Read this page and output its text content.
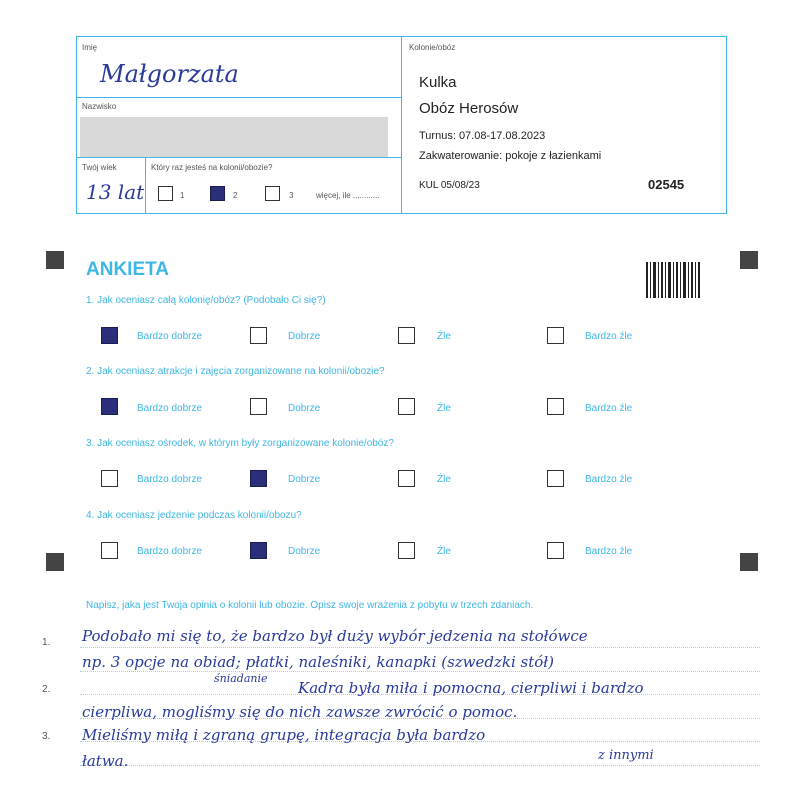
Imię
Małgorzata
Nazwisko
Twój wiek
13 lat
Który raz jesteś na kolonii/obozie?
1	2	3	więcej, ile ............
Kolonie/obóz
Kulka
Obóz Herosów
Turnus: 07.08-17.08.2023
Zakwaterowanie: pokoje z łazienkami
KUL 05/08/23	02545
ANKIETA
1. Jak oceniasz całą kolonię/obóz? (Podobało Ci się?)
2. Jak oceniasz atrakcje i zajęcia zorganizowane na kolonii/obozie?
3. Jak oceniasz ośrodek, w którym były zorganizowane kolonie/obóz?
4. Jak oceniasz jedzenie podczas kolonii/obozu?
Bardzo dobrze	Dobrze	Źle	Bardzo źle
Bardzo dobrze	Dobrze	Źle	Bardzo źle
Bardzo dobrze	Dobrze	Źle	Bardzo źle
Bardzo dobrze	Dobrze	Źle	Bardzo źle
Napisz, jaka jest Twoja opinia o kolonii lub obozie. Opisz swoje wrażenia z pobytu w trzech zdaniach.
1.
2.
3.
Podobało mi się to, że bardzo był duży wybór jedzenia na stołówce
np. 3 opcje na obiad; płatki, naleśniki, kanapki (szwedzki stół)
śniadanie
Kadra była miła i pomocna, cierpliwi i bardzo
cierpliwa, mogliśmy się do nich zawsze zwrócić o pomoc.
Mieliśmy miłą i zgraną grupę, integracja była bardzo
łatwa.	z innymi
